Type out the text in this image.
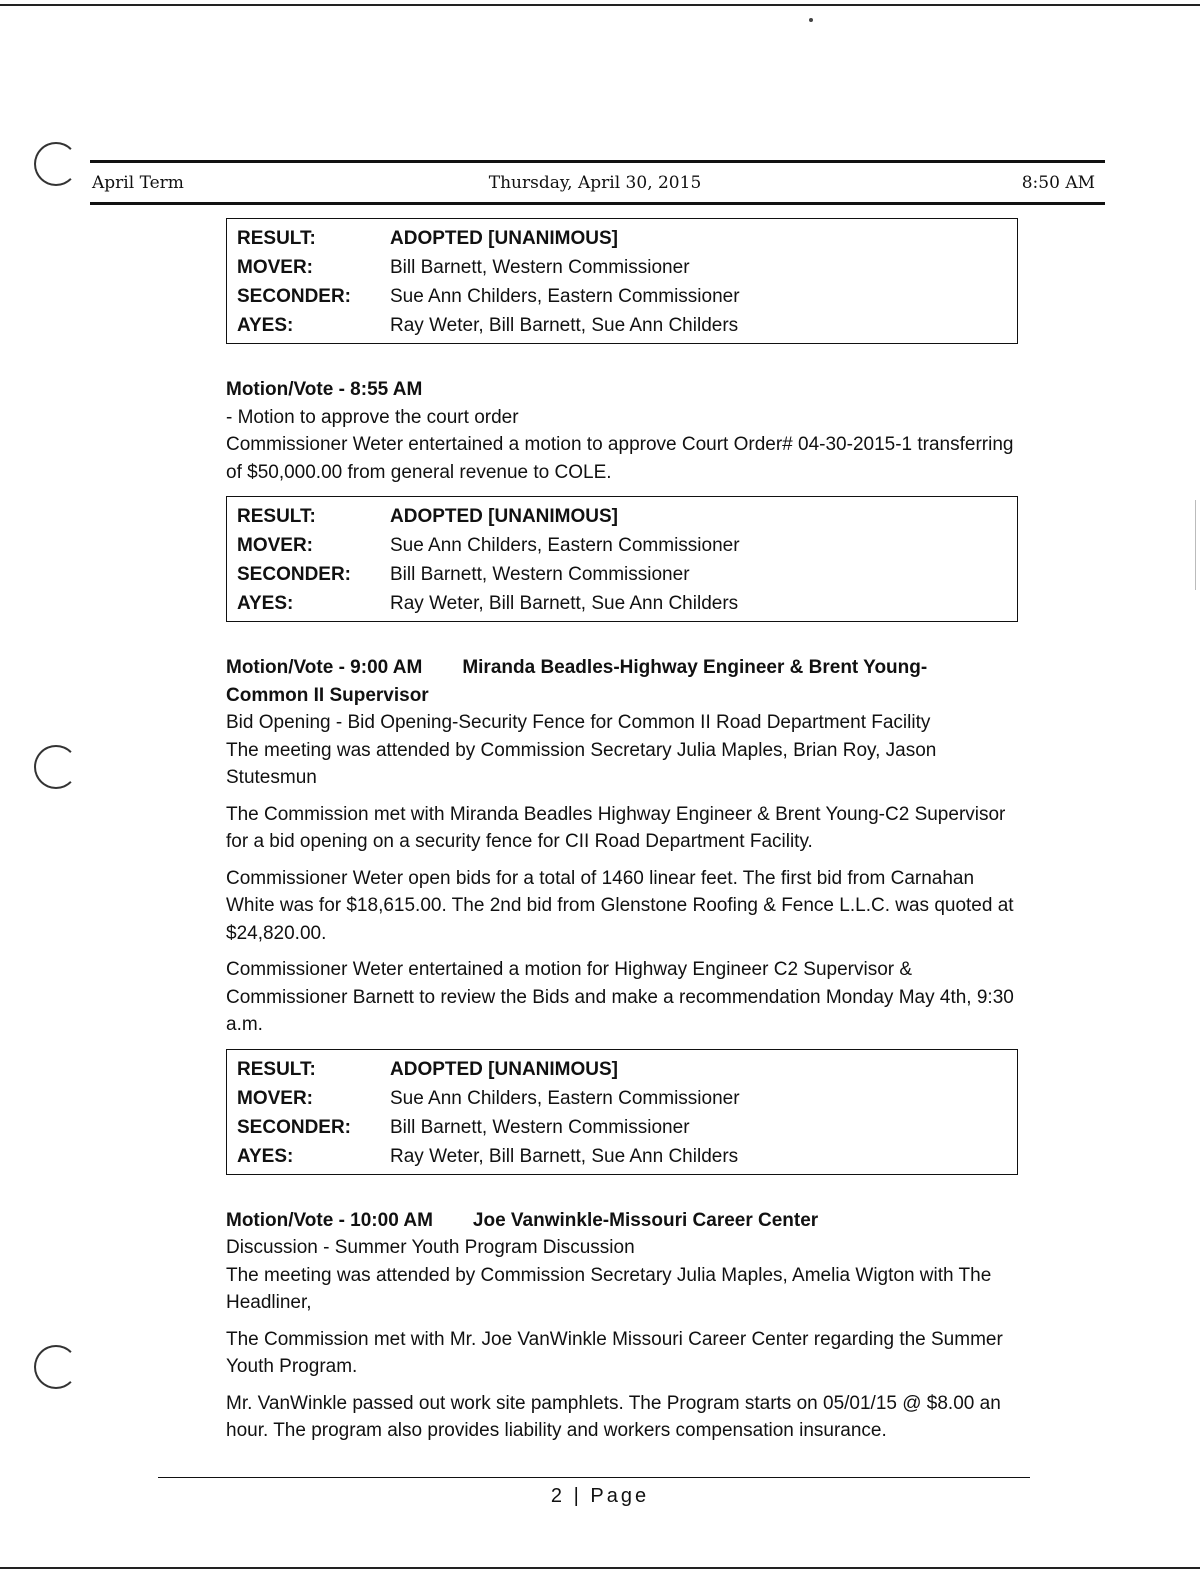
April Term	Thursday, April 30, 2015	8:50 AM
RESULT:	ADOPTED [UNANIMOUS]
MOVER:	Bill Barnett, Western Commissioner
SECONDER:	Sue Ann Childers, Eastern Commissioner
AYES:	Ray Weter, Bill Barnett, Sue Ann Childers
Motion/Vote - 8:55 AM

- Motion to approve the court order

Commissioner Weter entertained a motion to approve Court Order# 04-30-2015-1 transferring of $50,000.00 from general revenue to COLE.

RESULT:	ADOPTED [UNANIMOUS]
MOVER:	Sue Ann Childers, Eastern Commissioner
SECONDER:	Bill Barnett, Western Commissioner
AYES:	Ray Weter, Bill Barnett, Sue Ann Childers
Motion/Vote - 9:00 AM Miranda Beadles-Highway Engineer & Brent Young-
Common II Supervisor

Bid Opening - Bid Opening-Security Fence for Common II Road Department Facility

The meeting was attended by Commission Secretary Julia Maples, Brian Roy, Jason Stutesmun

The Commission met with Miranda Beadles Highway Engineer & Brent Young-C2 Supervisor for a bid opening on a security fence for CII Road Department Facility.

Commissioner Weter open bids for a total of 1460 linear feet. The first bid from Carnahan White was for $18,615.00. The 2nd bid from Glenstone Roofing & Fence L.L.C. was quoted at $24,820.00.

Commissioner Weter entertained a motion for Highway Engineer C2 Supervisor & Commissioner Barnett to review the Bids and make a recommendation Monday May 4th, 9:30 a.m.

RESULT:	ADOPTED [UNANIMOUS]
MOVER:	Sue Ann Childers, Eastern Commissioner
SECONDER:	Bill Barnett, Western Commissioner
AYES:	Ray Weter, Bill Barnett, Sue Ann Childers
Motion/Vote - 10:00 AM Joe Vanwinkle-Missouri Career Center

Discussion - Summer Youth Program Discussion

The meeting was attended by Commission Secretary Julia Maples, Amelia Wigton with The Headliner,

The Commission met with Mr. Joe VanWinkle Missouri Career Center regarding the Summer Youth Program.

Mr. VanWinkle passed out work site pamphlets. The Program starts on 05/01/15 @ $8.00 an hour. The program also provides liability and workers compensation insurance.

2 | Page
